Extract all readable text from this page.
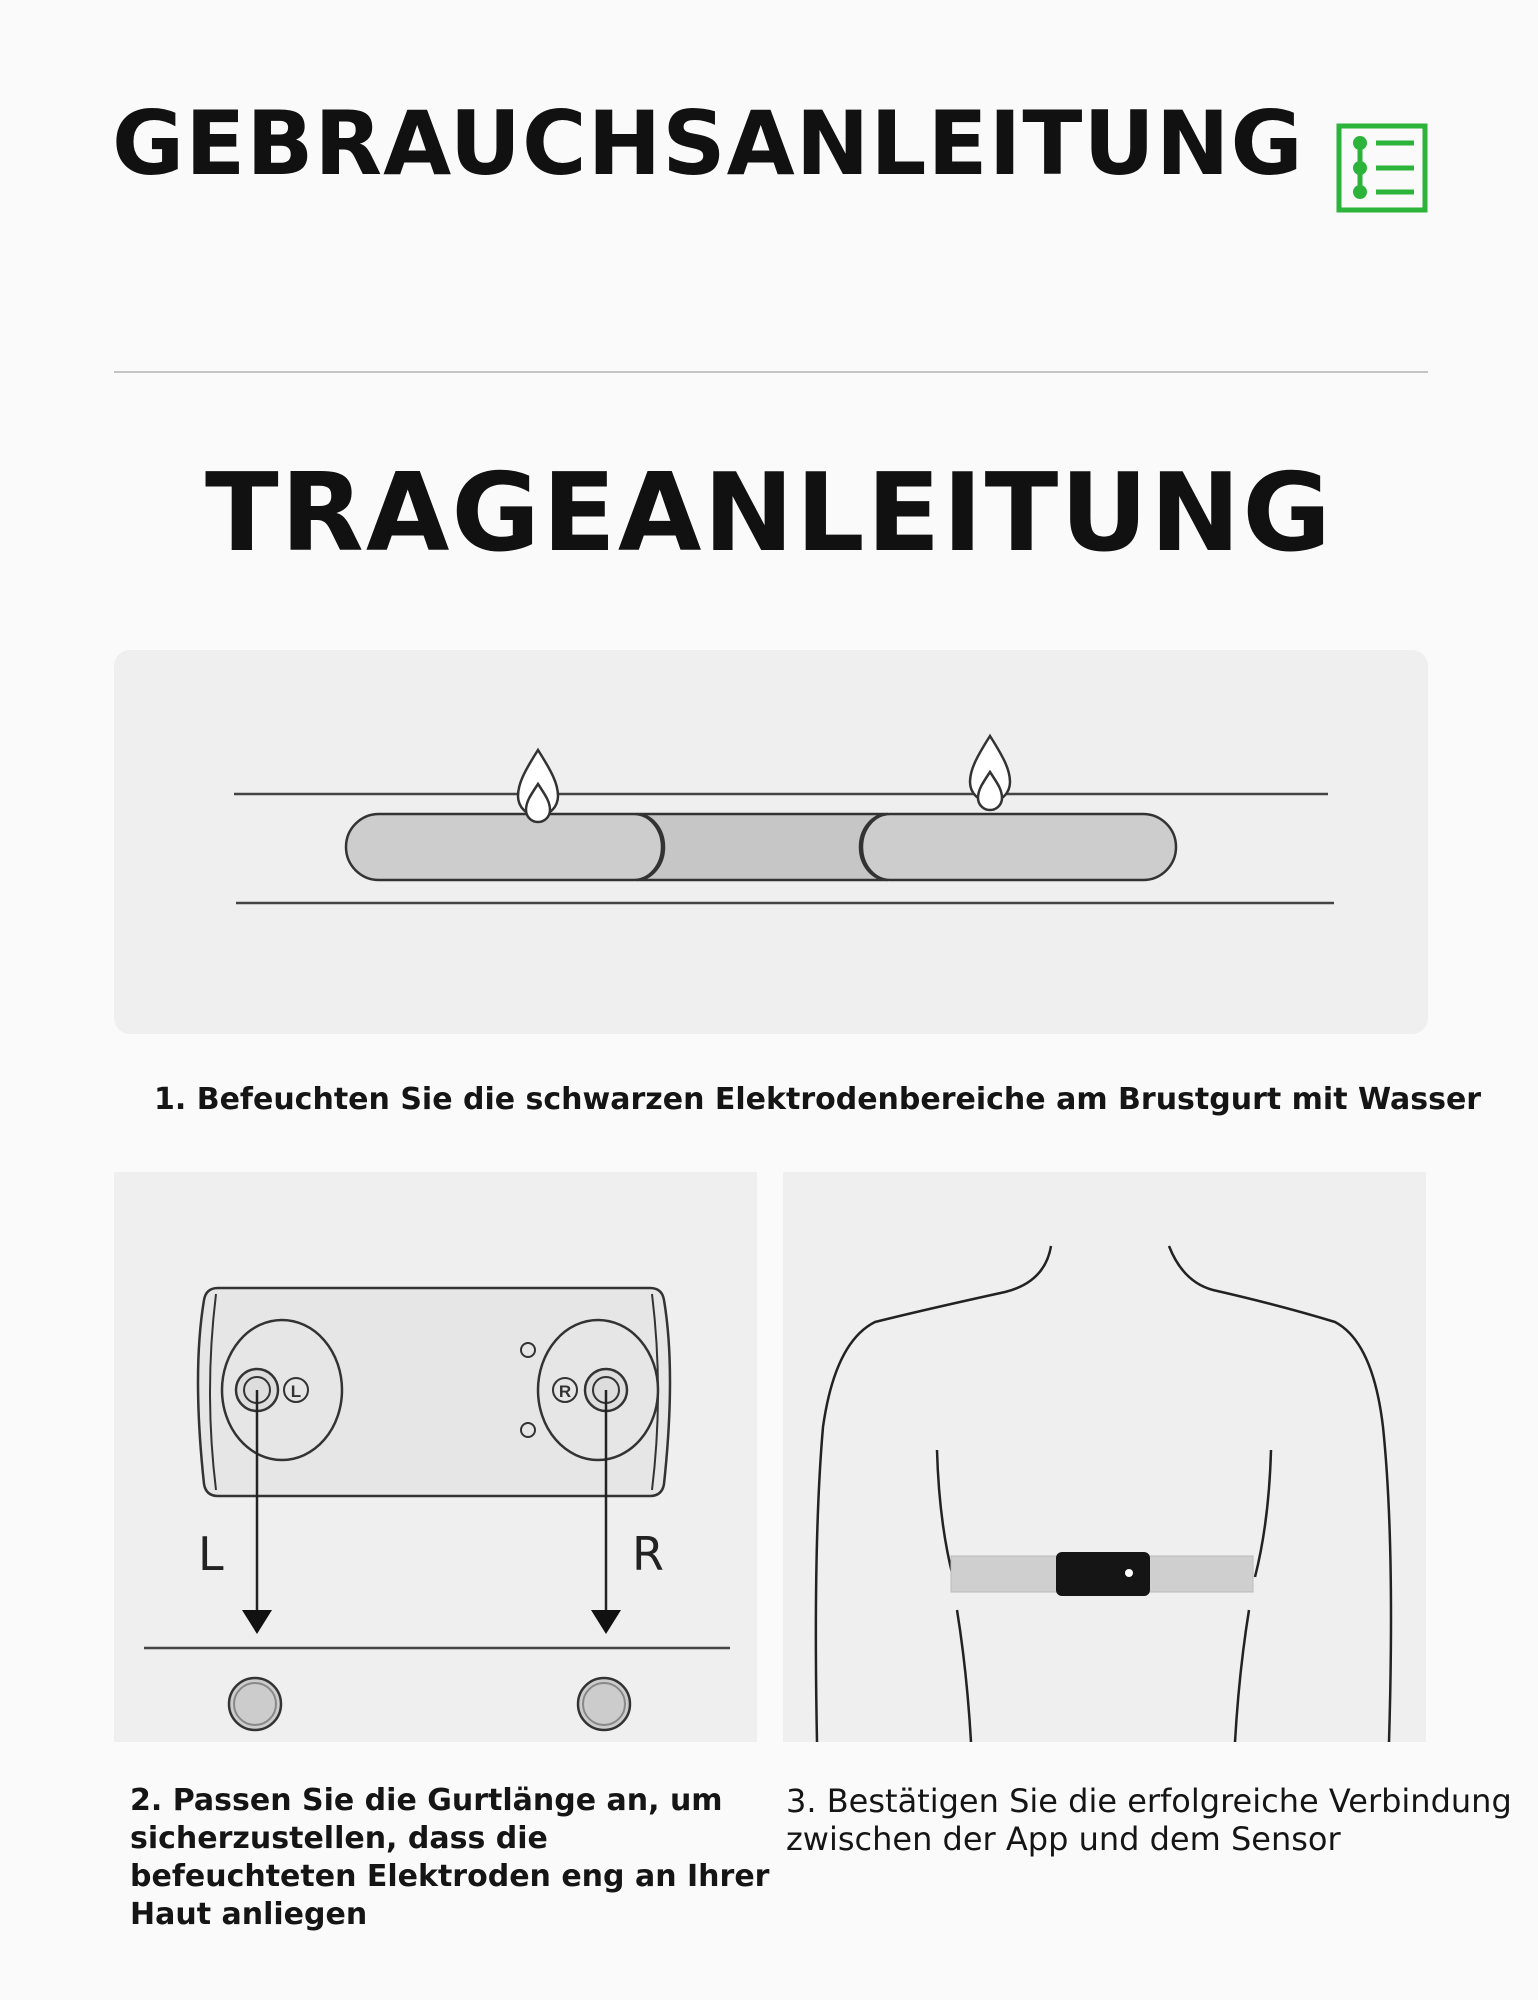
GEBRAUCHSANLEITUNG
TRAGEANLEITUNG
1. Befeuchten Sie die schwarzen Elektrodenbereiche am Brustgurt mit Wasser
L	R
L	R
2. Passen Sie die Gurtlänge an, um sicherzustellen, dass die befeuchteten Elektroden eng an Ihrer Haut anliegen
3. Bestätigen Sie die erfolgreiche Verbindung zwischen der App und dem Sensor
